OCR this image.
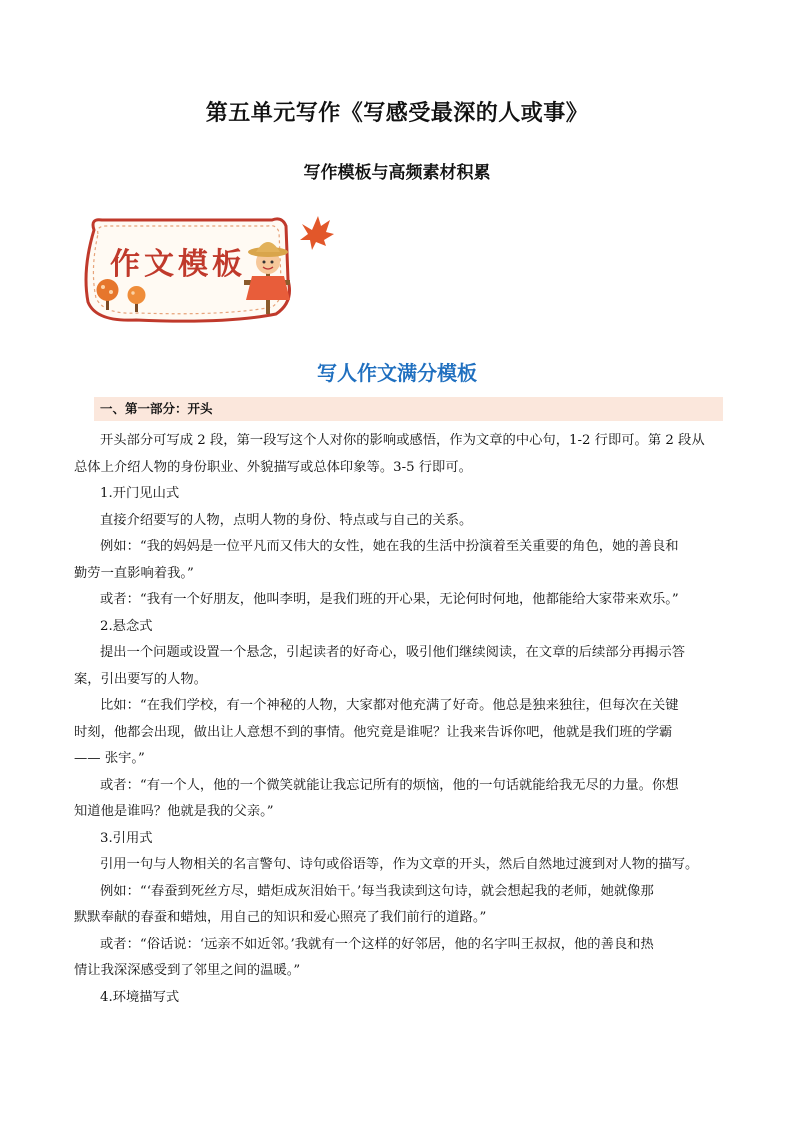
第五单元写作《写感受最深的人或事》
写作模板与高频素材积累
作文模板
写人作文满分模板
一、第一部分：开头
开头部分可写成 2 段，第一段写这个人对你的影响或感悟，作为文章的中心句，1-2 行即可。第 2 段从
总体上介绍人物的身份职业、外貌描写或总体印象等。3-5 行即可。
1.开门见山式
直接介绍要写的人物，点明人物的身份、特点或与自己的关系。
例如：“我的妈妈是一位平凡而又伟大的女性，她在我的生活中扮演着至关重要的角色，她的善良和
勤劳一直影响着我。”
或者：“我有一个好朋友，他叫李明，是我们班的开心果，无论何时何地，他都能给大家带来欢乐。”
2.悬念式
提出一个问题或设置一个悬念，引起读者的好奇心，吸引他们继续阅读，在文章的后续部分再揭示答
案，引出要写的人物。
比如：“在我们学校，有一个神秘的人物，大家都对他充满了好奇。他总是独来独往，但每次在关键
时刻，他都会出现，做出让人意想不到的事情。他究竟是谁呢？让我来告诉你吧，他就是我们班的学霸
—— 张宇。”
或者：“有一个人，他的一个微笑就能让我忘记所有的烦恼，他的一句话就能给我无尽的力量。你想
知道他是谁吗？他就是我的父亲。”
3.引用式
引用一句与人物相关的名言警句、诗句或俗语等，作为文章的开头，然后自然地过渡到对人物的描写。
例如：“‘春蚕到死丝方尽，蜡炬成灰泪始干。’每当我读到这句诗，就会想起我的老师，她就像那
默默奉献的春蚕和蜡烛，用自己的知识和爱心照亮了我们前行的道路。”
或者：“俗话说：‘远亲不如近邻。’我就有一个这样的好邻居，他的名字叫王叔叔，他的善良和热
情让我深深感受到了邻里之间的温暖。”
4.环境描写式
